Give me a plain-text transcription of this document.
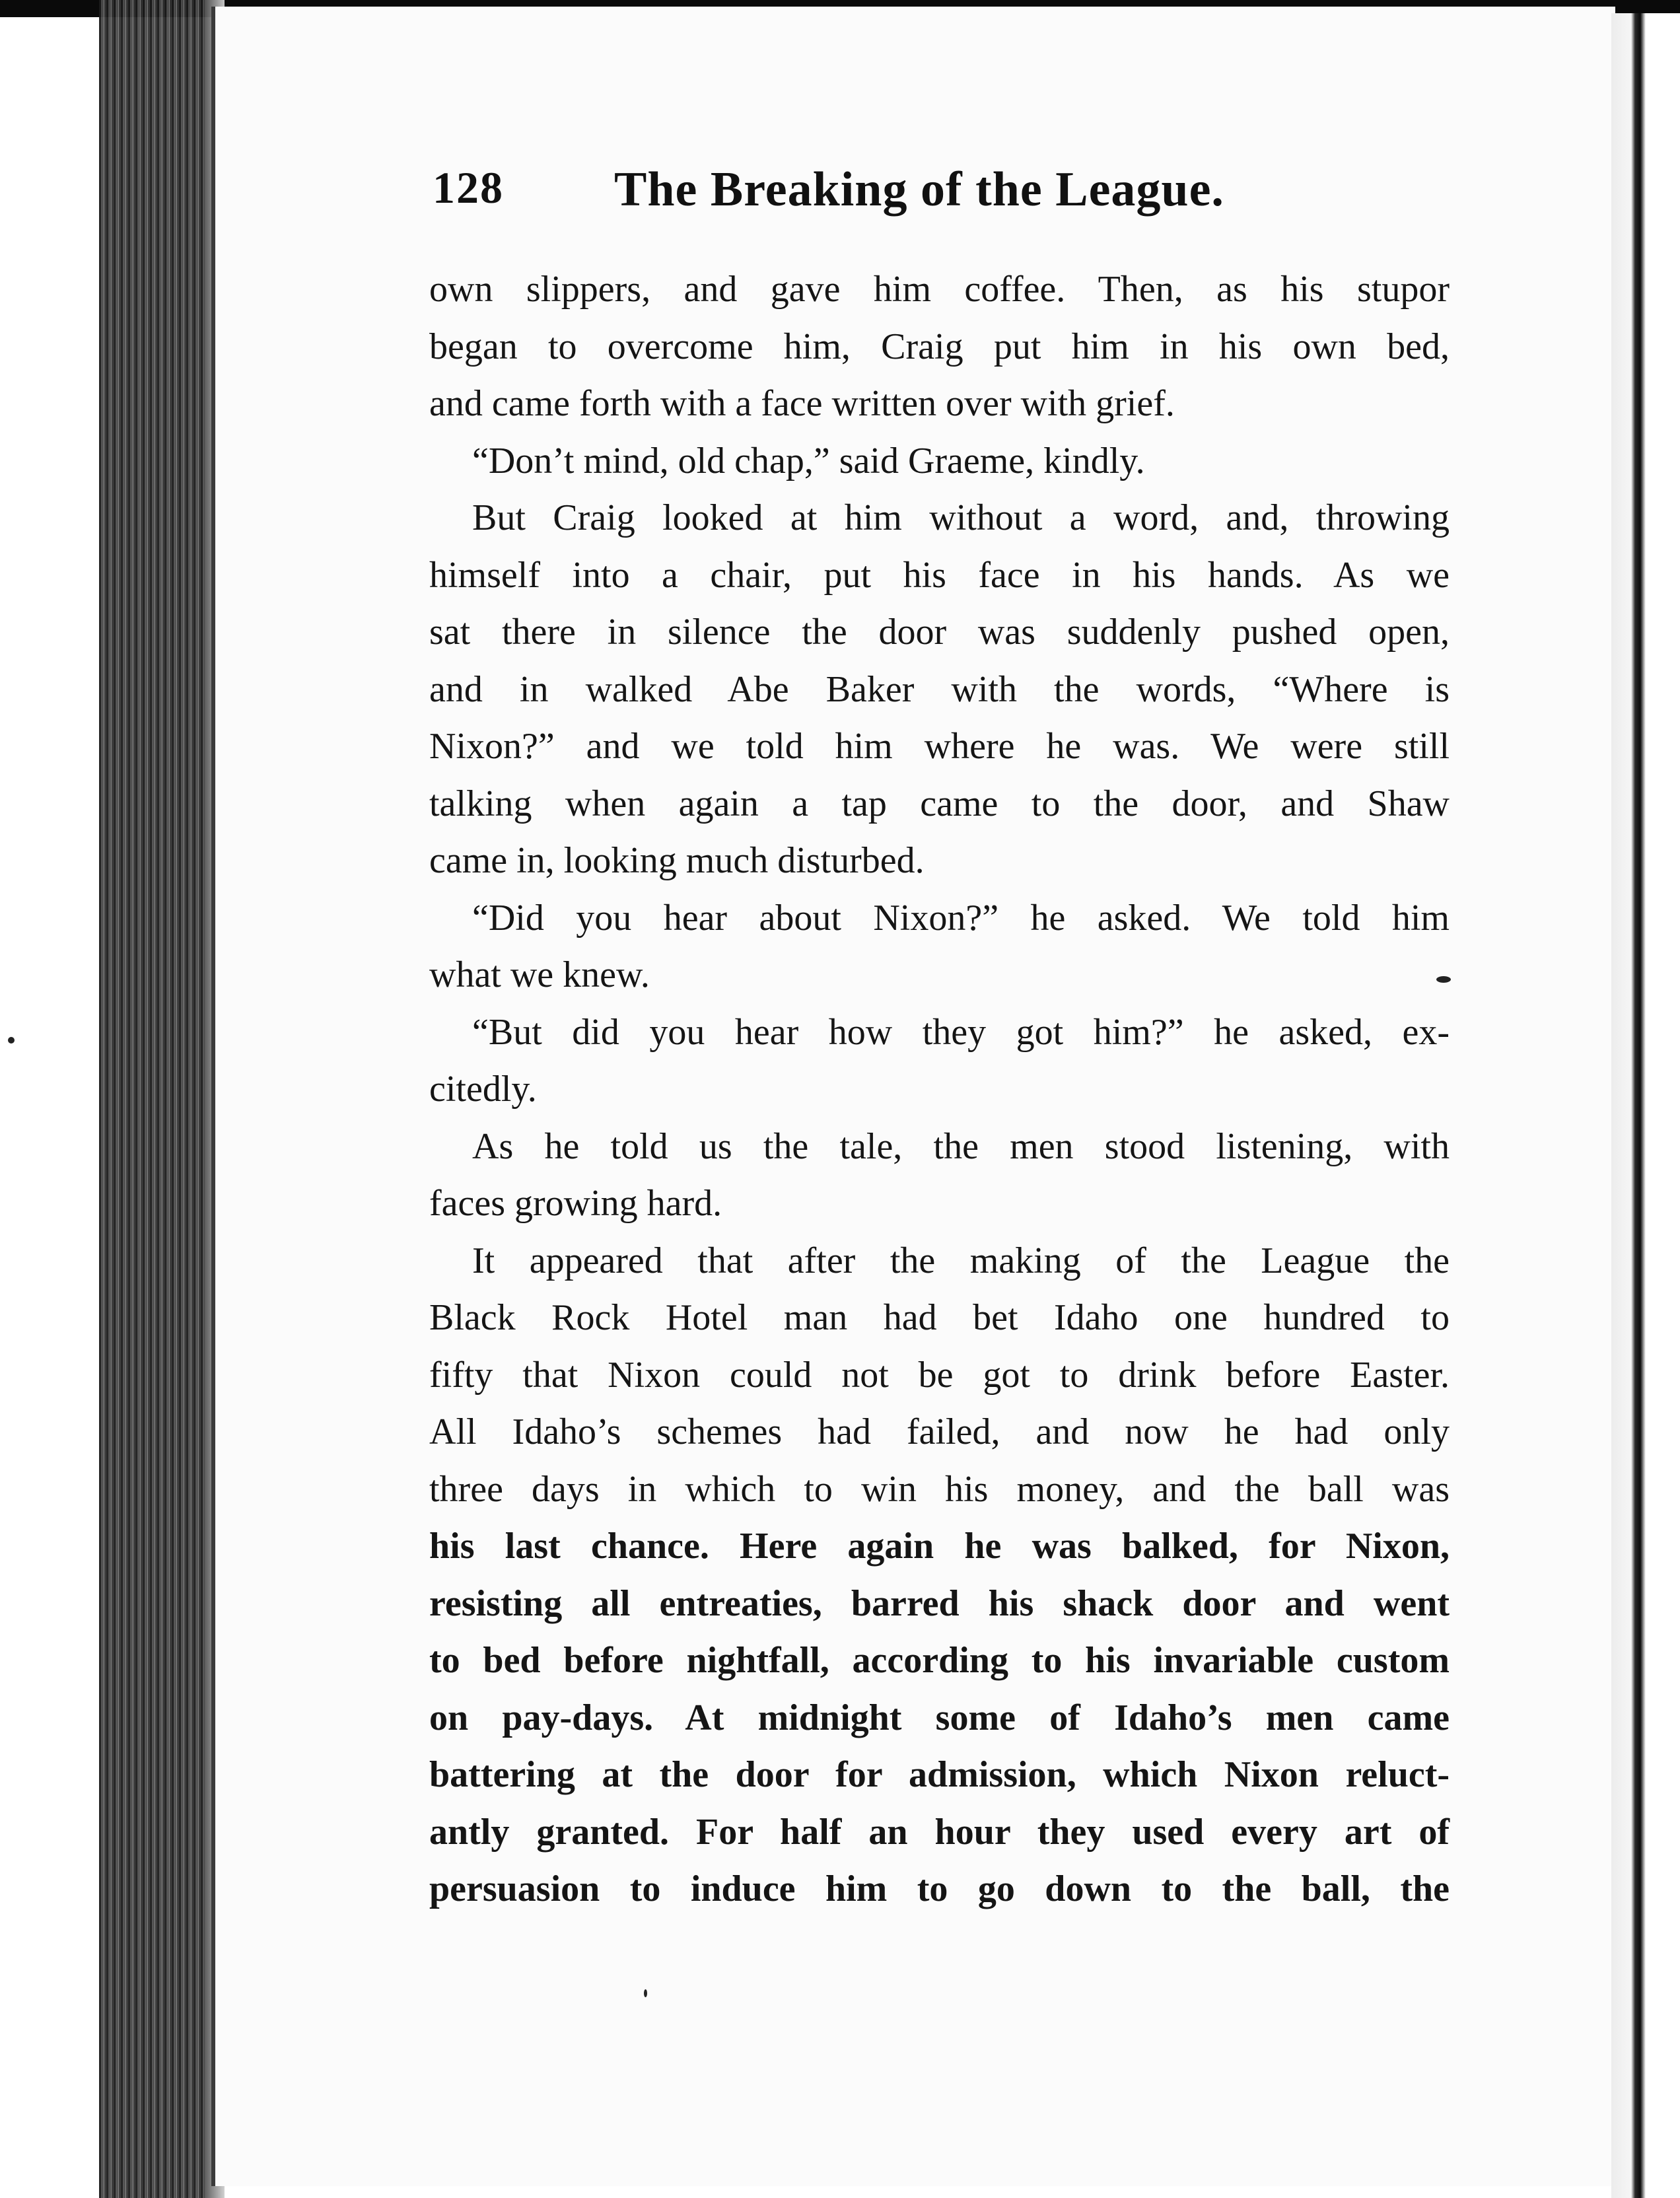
128 The Breaking of the League.
own slippers, and gave him coffee. Then, as his stupor
began to overcome him, Craig put him in his own bed,
and came forth with a face written over with grief.
“Don’t mind, old chap,” said Graeme, kindly.
But Craig looked at him without a word, and, throwing
himself into a chair, put his face in his hands. As we
sat there in silence the door was suddenly pushed open,
and in walked Abe Baker with the words, “Where is
Nixon?” and we told him where he was. We were still
talking when again a tap came to the door, and Shaw
came in, looking much disturbed.
“Did you hear about Nixon?” he asked. We told him
what we knew.
“But did you hear how they got him?” he asked, ex-
citedly.
As he told us the tale, the men stood listening, with
faces growing hard.
It appeared that after the making of the League the
Black Rock Hotel man had bet Idaho one hundred to
fifty that Nixon could not be got to drink before Easter.
All Idaho’s schemes had failed, and now he had only
three days in which to win his money, and the ball was
his last chance. Here again he was balked, for Nixon,
resisting all entreaties, barred his shack door and went
to bed before nightfall, according to his invariable custom
on pay-days. At midnight some of Idaho’s men came
battering at the door for admission, which Nixon reluct-
antly granted. For half an hour they used every art of
persuasion to induce him to go down to the ball, the
